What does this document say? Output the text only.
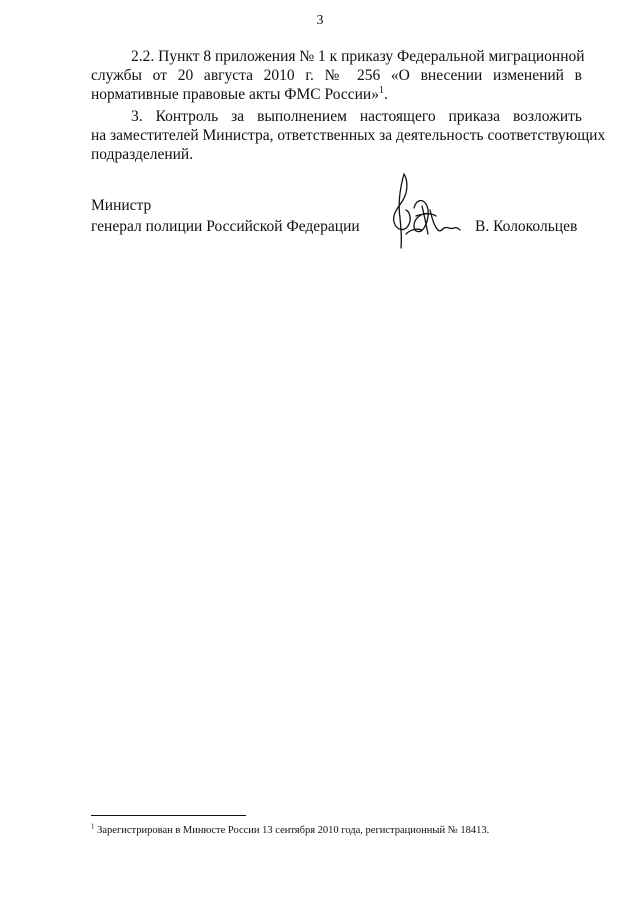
3
2.2. Пункт 8 приложения № 1 к приказу Федеральной миграционной
службы от 20 августа 2010 г. № 256 «О внесении изменений в
нормативные правовые акты ФМС России»$^1$.
3. Контроль за выполнением настоящего приказа возложить
на заместителей Министра, ответственных за деятельность соответствующих
подразделений.
Министр
генерал полиции Российской Федерации	В. Колокольцев
$^1$ Зарегистрирован в Минюсте России 13 сентября 2010 года, регистрационный № 18413.
